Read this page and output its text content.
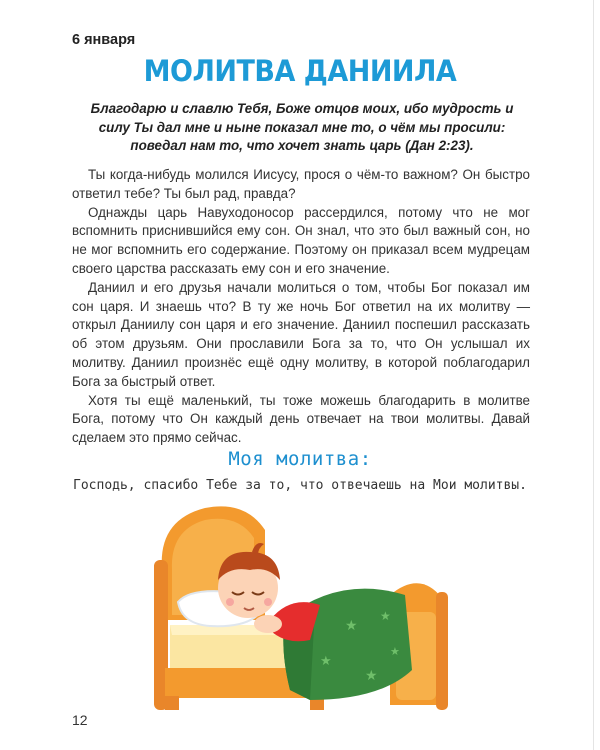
6 января
МОЛИТВА ДАНИИЛА
Благодарю и славлю Тебя, Боже отцов моих, ибо мудрость и силу Ты дал мне и ныне показал мне то, о чём мы просили: поведал нам то, что хочет знать царь (Дан 2:23).

Ты когда-нибудь молился Иисусу, прося о чём-то важном? Он быстро ответил тебе? Ты был рад, правда?

Однажды царь Навуходоносор рассердился, потому что не мог вспомнить приснившийся ему сон. Он знал, что это был важный сон, но не мог вспомнить его содержание. Поэтому он приказал всем мудрецам своего царства рассказать ему сон и его значение.

Даниил и его друзья начали молиться о том, чтобы Бог показал им сон царя. И знаешь что? В ту же ночь Бог ответил на их молитву — открыл Даниилу сон царя и его значение. Даниил поспешил рассказать об этом друзьям. Они прославили Бога за то, что Он услышал их молитву. Даниил произнёс ещё одну молитву, в которой поблагодарил Бога за быстрый ответ.

Хотя ты ещё маленький, ты тоже можешь благодарить в молитве Бога, потому что Он каждый день отвечает на твои молитвы. Давай сделаем это прямо сейчас.

Моя молитва:
Господь, спасибо Тебе за то, что отвечаешь на Мои молитвы.
★
★
★
★
★
12
